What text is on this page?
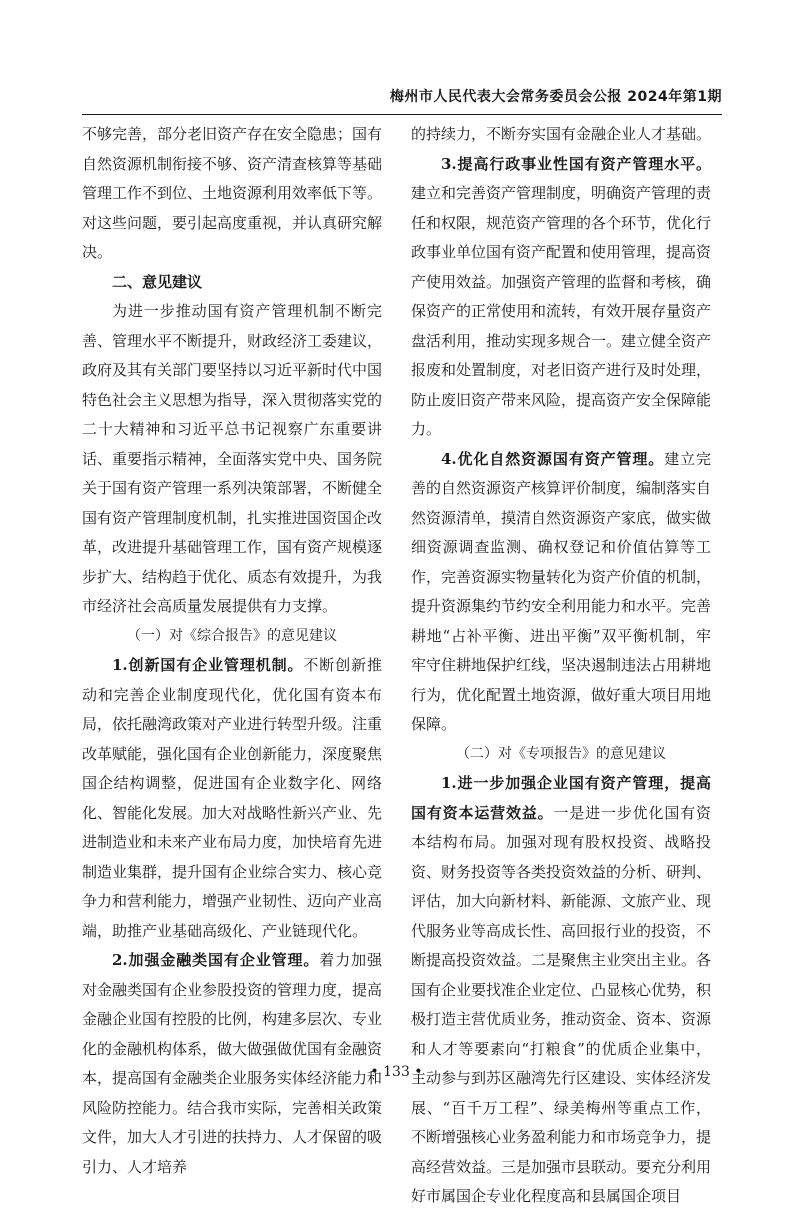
梅州市人民代表大会常务委员会公报 2024年第1期

不够完善，部分老旧资产存在安全隐患；国有自然资源机制衔接不够、资产清查核算等基础管理工作不到位、土地资源利用效率低下等。对这些问题，要引起高度重视，并认真研究解决。

二、意见建议

为进一步推动国有资产管理机制不断完善、管理水平不断提升，财政经济工委建议，政府及其有关部门要坚持以习近平新时代中国特色社会主义思想为指导，深入贯彻落实党的二十大精神和习近平总书记视察广东重要讲话、重要指示精神，全面落实党中央、国务院关于国有资产管理一系列决策部署，不断健全国有资产管理制度机制，扎实推进国资国企改革，改进提升基础管理工作，国有资产规模逐步扩大、结构趋于优化、质态有效提升，为我市经济社会高质量发展提供有力支撑。

（一）对《综合报告》的意见建议

1.创新国有企业管理机制。不断创新推动和完善企业制度现代化，优化国有资本布局，依托融湾政策对产业进行转型升级。注重改革赋能，强化国有企业创新能力，深度聚焦国企结构调整，促进国有企业数字化、网络化、智能化发展。加大对战略性新兴产业、先进制造业和未来产业布局力度，加快培育先进制造业集群，提升国有企业综合实力、核心竞争力和营利能力，增强产业韧性、迈向产业高端，助推产业基础高级化、产业链现代化。

2.加强金融类国有企业管理。着力加强对金融类国有企业参股投资的管理力度，提高金融企业国有控股的比例，构建多层次、专业化的金融机构体系，做大做强做优国有金融资本，提高国有金融类企业服务实体经济能力和风险防控能力。结合我市实际，完善相关政策文件，加大人才引进的扶持力、人才保留的吸引力、人才培养

的持续力，不断夯实国有金融企业人才基础。

3.提高行政事业性国有资产管理水平。建立和完善资产管理制度，明确资产管理的责任和权限，规范资产管理的各个环节，优化行政事业单位国有资产配置和使用管理，提高资产使用效益。加强资产管理的监督和考核，确保资产的正常使用和流转，有效开展存量资产盘活利用，推动实现多规合一。建立健全资产报废和处置制度，对老旧资产进行及时处理，防止废旧资产带来风险，提高资产安全保障能力。

4.优化自然资源国有资产管理。建立完善的自然资源资产核算评价制度，编制落实自然资源清单，摸清自然资源资产家底，做实做细资源调查监测、确权登记和价值估算等工作，完善资源实物量转化为资产价值的机制，提升资源集约节约安全利用能力和水平。完善耕地“占补平衡、进出平衡”双平衡机制，牢牢守住耕地保护红线，坚决遏制违法占用耕地行为，优化配置土地资源，做好重大项目用地保障。

（二）对《专项报告》的意见建议

1.进一步加强企业国有资产管理，提高国有资本运营效益。一是进一步优化国有资本结构布局。加强对现有股权投资、战略投资、财务投资等各类投资效益的分析、研判、评估，加大向新材料、新能源、文旅产业、现代服务业等高成长性、高回报行业的投资，不断提高投资效益。二是聚焦主业突出主业。各国有企业要找准企业定位、凸显核心优势，积极打造主营优质业务，推动资金、资本、资源和人才等要素向“打粮食”的优质企业集中，主动参与到苏区融湾先行区建设、实体经济发展、“百千万工程”、绿美梅州等重点工作，不断增强核心业务盈利能力和市场竞争力，提高经营效益。三是加强市县联动。要充分利用好市属国企专业化程度高和县属国企项目

• 133 •
